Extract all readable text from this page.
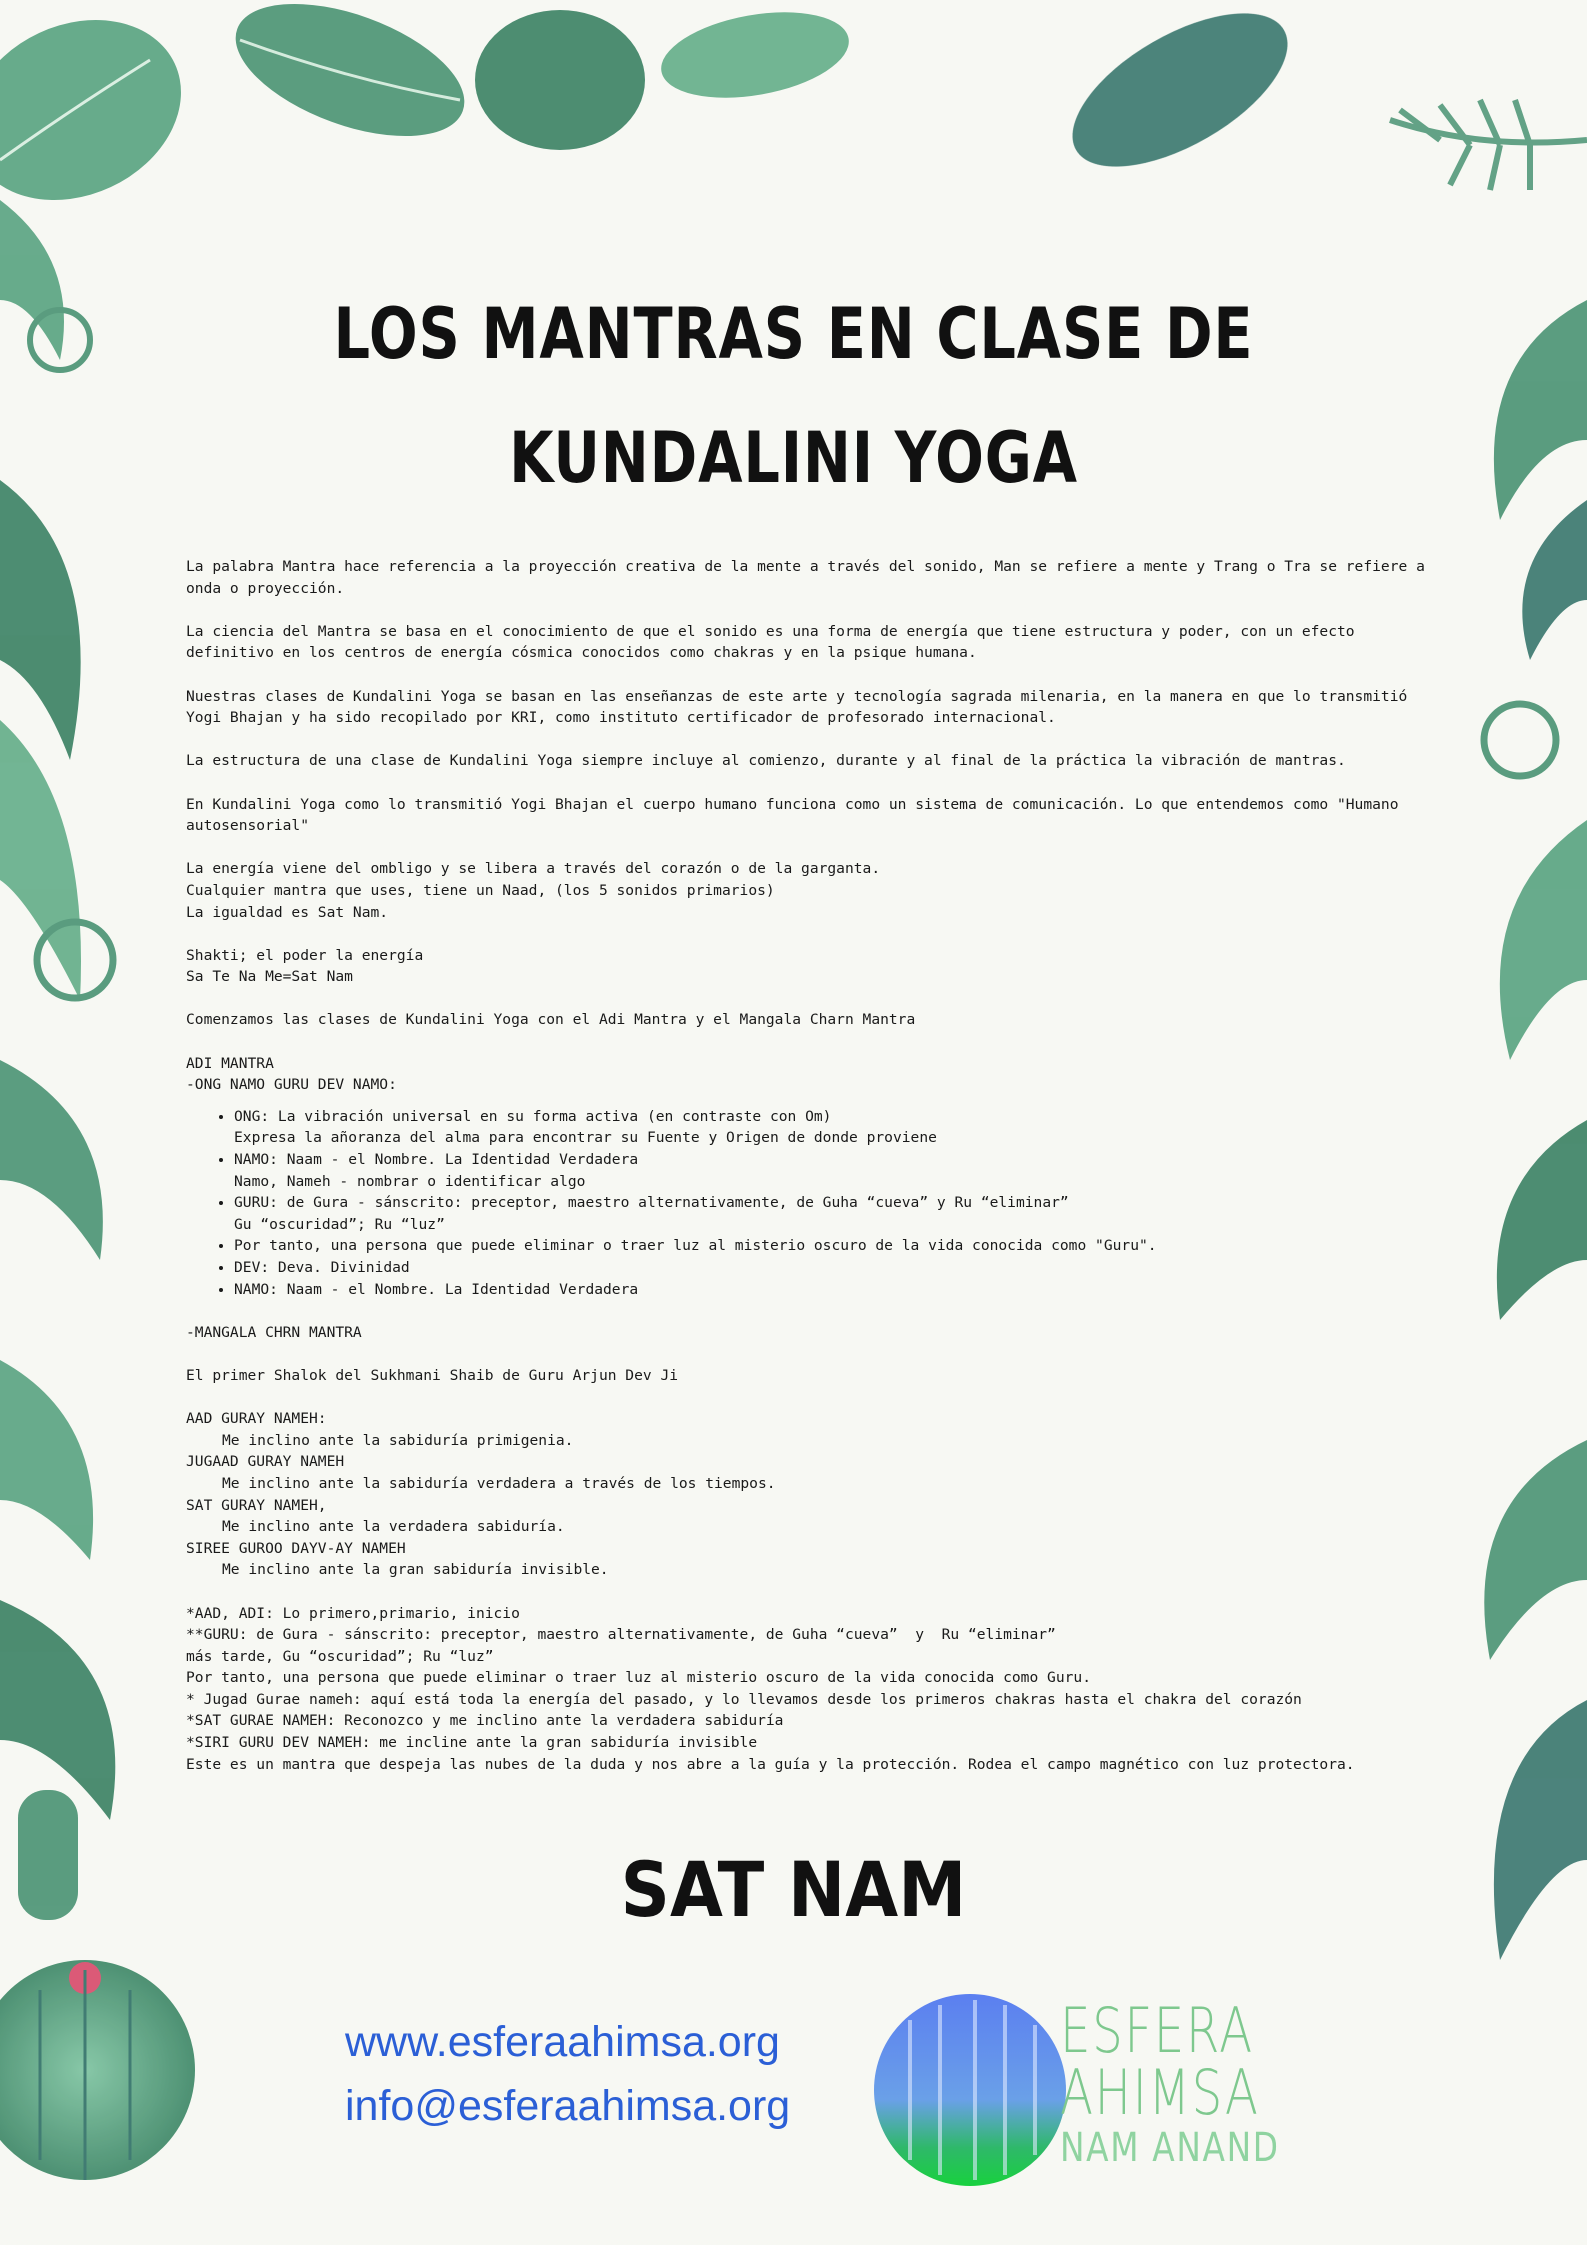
LOS MANTRAS EN CLASE DE
KUNDALINI YOGA

La palabra Mantra hace referencia a la proyección creativa de la mente a través del sonido, Man se refiere a mente y Trang o Tra se refiere a onda o proyección.

La ciencia del Mantra se basa en el conocimiento de que el sonido es una forma de energía que tiene estructura y poder, con un efecto definitivo en los centros de energía cósmica conocidos como chakras y en la psique humana.

Nuestras clases de Kundalini Yoga se basan en las enseñanzas de este arte y tecnología sagrada milenaria, en la manera en que lo transmitió Yogi Bhajan y ha sido recopilado por KRI, como instituto certificador de profesorado internacional.

La estructura de una clase de Kundalini Yoga siempre incluye al comienzo, durante y al final de la práctica la vibración de mantras.

En Kundalini Yoga como lo transmitió Yogi Bhajan el cuerpo humano funciona como un sistema de comunicación. Lo que entendemos como "Humano autosensorial"

La energía viene del ombligo y se libera a través del corazón o de la garganta.
Cualquier mantra que uses, tiene un Naad, (los 5 sonidos primarios)
La igualdad es Sat Nam.

Shakti; el poder la energía
Sa Te Na Me=Sat Nam

Comenzamos las clases de Kundalini Yoga con el Adi Mantra y el Mangala Charn Mantra

ADI MANTRA
-ONG NAMO GURU DEV NAMO:

• ONG: La vibración universal en su forma activa (en contraste con Om)
Expresa la añoranza del alma para encontrar su Fuente y Origen de donde proviene
• NAMO: Naam - el Nombre. La Identidad Verdadera
Namo, Nameh - nombrar o identificar algo
• GURU: de Gura - sánscrito: preceptor, maestro alternativamente, de Guha “cueva” y Ru “eliminar”
Gu “oscuridad”; Ru “luz”
• Por tanto, una persona que puede eliminar o traer luz al misterio oscuro de la vida conocida como "Guru".
• DEV: Deva. Divinidad
• NAMO: Naam - el Nombre. La Identidad Verdadera

-MANGALA CHRN MANTRA

El primer Shalok del Sukhmani Shaib de Guru Arjun Dev Ji

AAD GURAY NAMEH:
Me inclino ante la sabiduría primigenia.
JUGAAD GURAY NAMEH
Me inclino ante la sabiduría verdadera a través de los tiempos.
SAT GURAY NAMEH,
Me inclino ante la verdadera sabiduría.
SIREE GUROO DAYV-AY NAMEH
Me inclino ante la gran sabiduría invisible.

*AAD, ADI: Lo primero,primario, inicio
**GURU: de Gura - sánscrito: preceptor, maestro alternativamente, de Guha “cueva”  y  Ru “eliminar”
más tarde, Gu “oscuridad”; Ru “luz”
Por tanto, una persona que puede eliminar o traer luz al misterio oscuro de la vida conocida como Guru.
* Jugad Gurae nameh: aquí está toda la energía del pasado, y lo llevamos desde los primeros chakras hasta el chakra del corazón
*SAT GURAE NAMEH: Reconozco y me inclino ante la verdadera sabiduría
*SIRI GURU DEV NAMEH: me incline ante la gran sabiduría invisible
Este es un mantra que despeja las nubes de la duda y nos abre a la guía y la protección. Rodea el campo magnético con luz protectora.

SAT NAM
www.esferaahimsa.org
info@esferaahimsa.org
ESFERA
AHIMSA
NAM ANAND
